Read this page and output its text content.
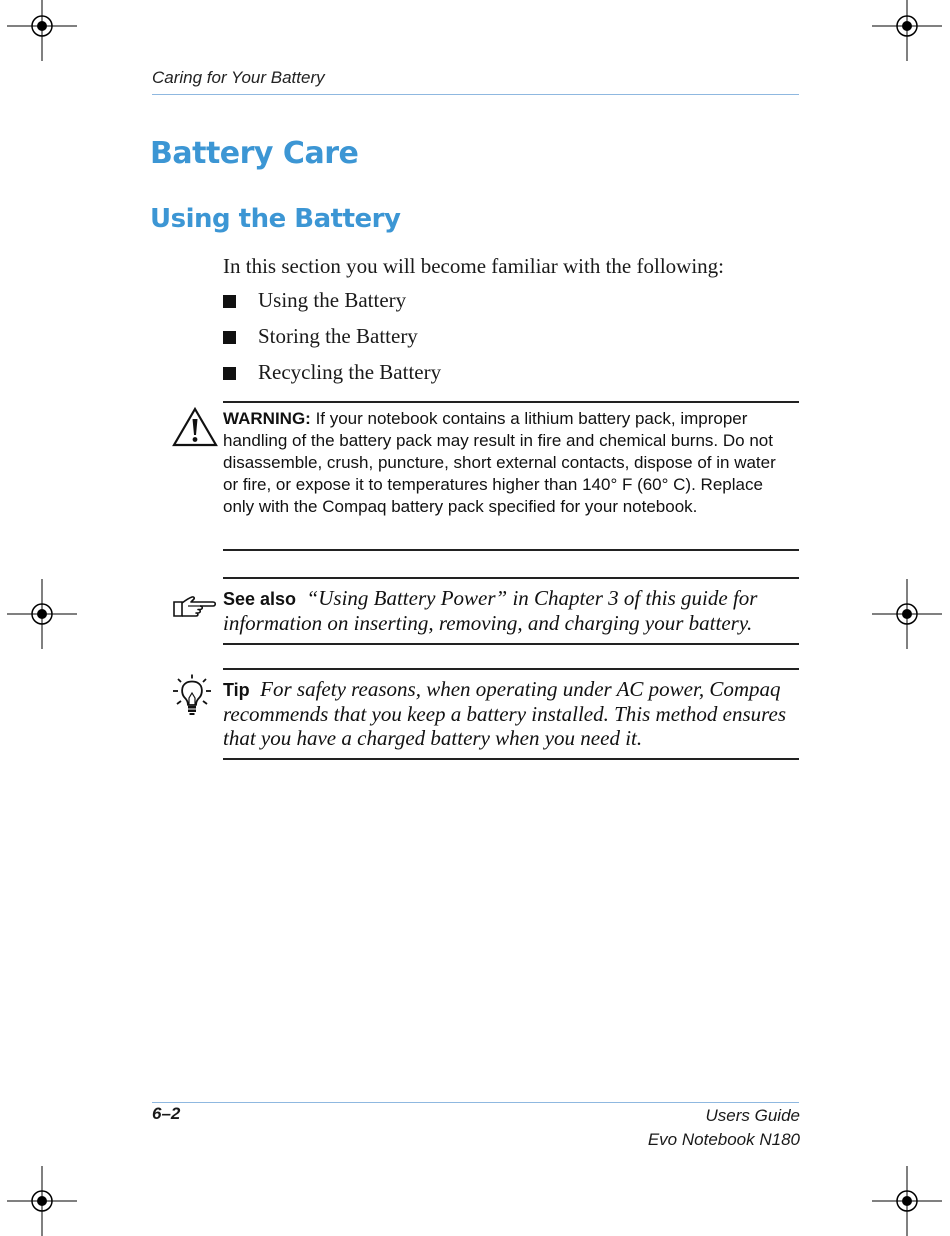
Caring for Your Battery
Battery Care
Using the Battery
In this section you will become familiar with the following:
Using the Battery
Storing the Battery
Recycling the Battery
WARNING: If your notebook contains a lithium battery pack, improper handling of the battery pack may result in fire and chemical burns. Do not disassemble, crush, puncture, short external contacts, dispose of in water or fire, or expose it to temperatures higher than 140° F (60° C). Replace only with the Compaq battery pack specified for your notebook.
See also “Using Battery Power” in Chapter 3 of this guide for information on inserting, removing, and charging your battery.
Tip For safety reasons, when operating under AC power, Compaq recommends that you keep a battery installed. This method ensures that you have a charged battery when you need it.
6–2	Users Guide
Evo Notebook N180
